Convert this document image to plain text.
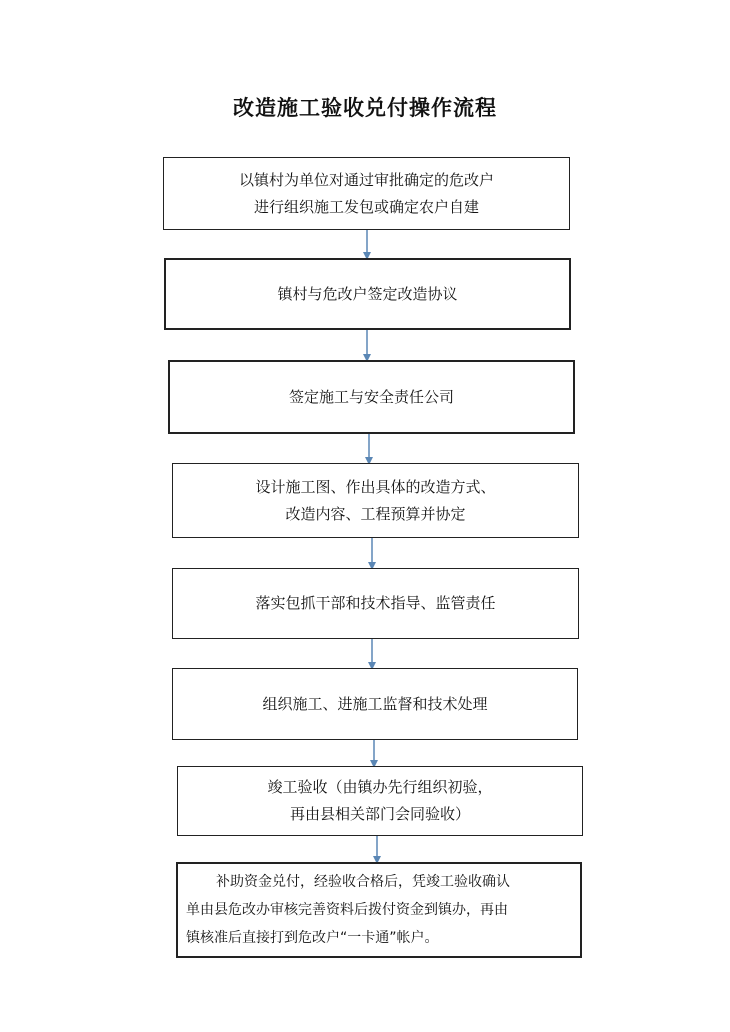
改造施工验收兑付操作流程
以镇村为单位对通过审批确定的危改户
进行组织施工发包或确定农户自建
镇村与危改户签定改造协议
签定施工与安全责任公司
设计施工图、作出具体的改造方式、
改造内容、工程预算并协定
落实包抓干部和技术指导、监管责任
组织施工、进施工监督和技术处理
竣工验收（由镇办先行组织初验，
再由县相关部门会同验收）
补助资金兑付，经验收合格后，凭竣工验收确认
单由县危改办审核完善资料后拨付资金到镇办，再由
镇核准后直接打到危改户“一卡通”帐户。
